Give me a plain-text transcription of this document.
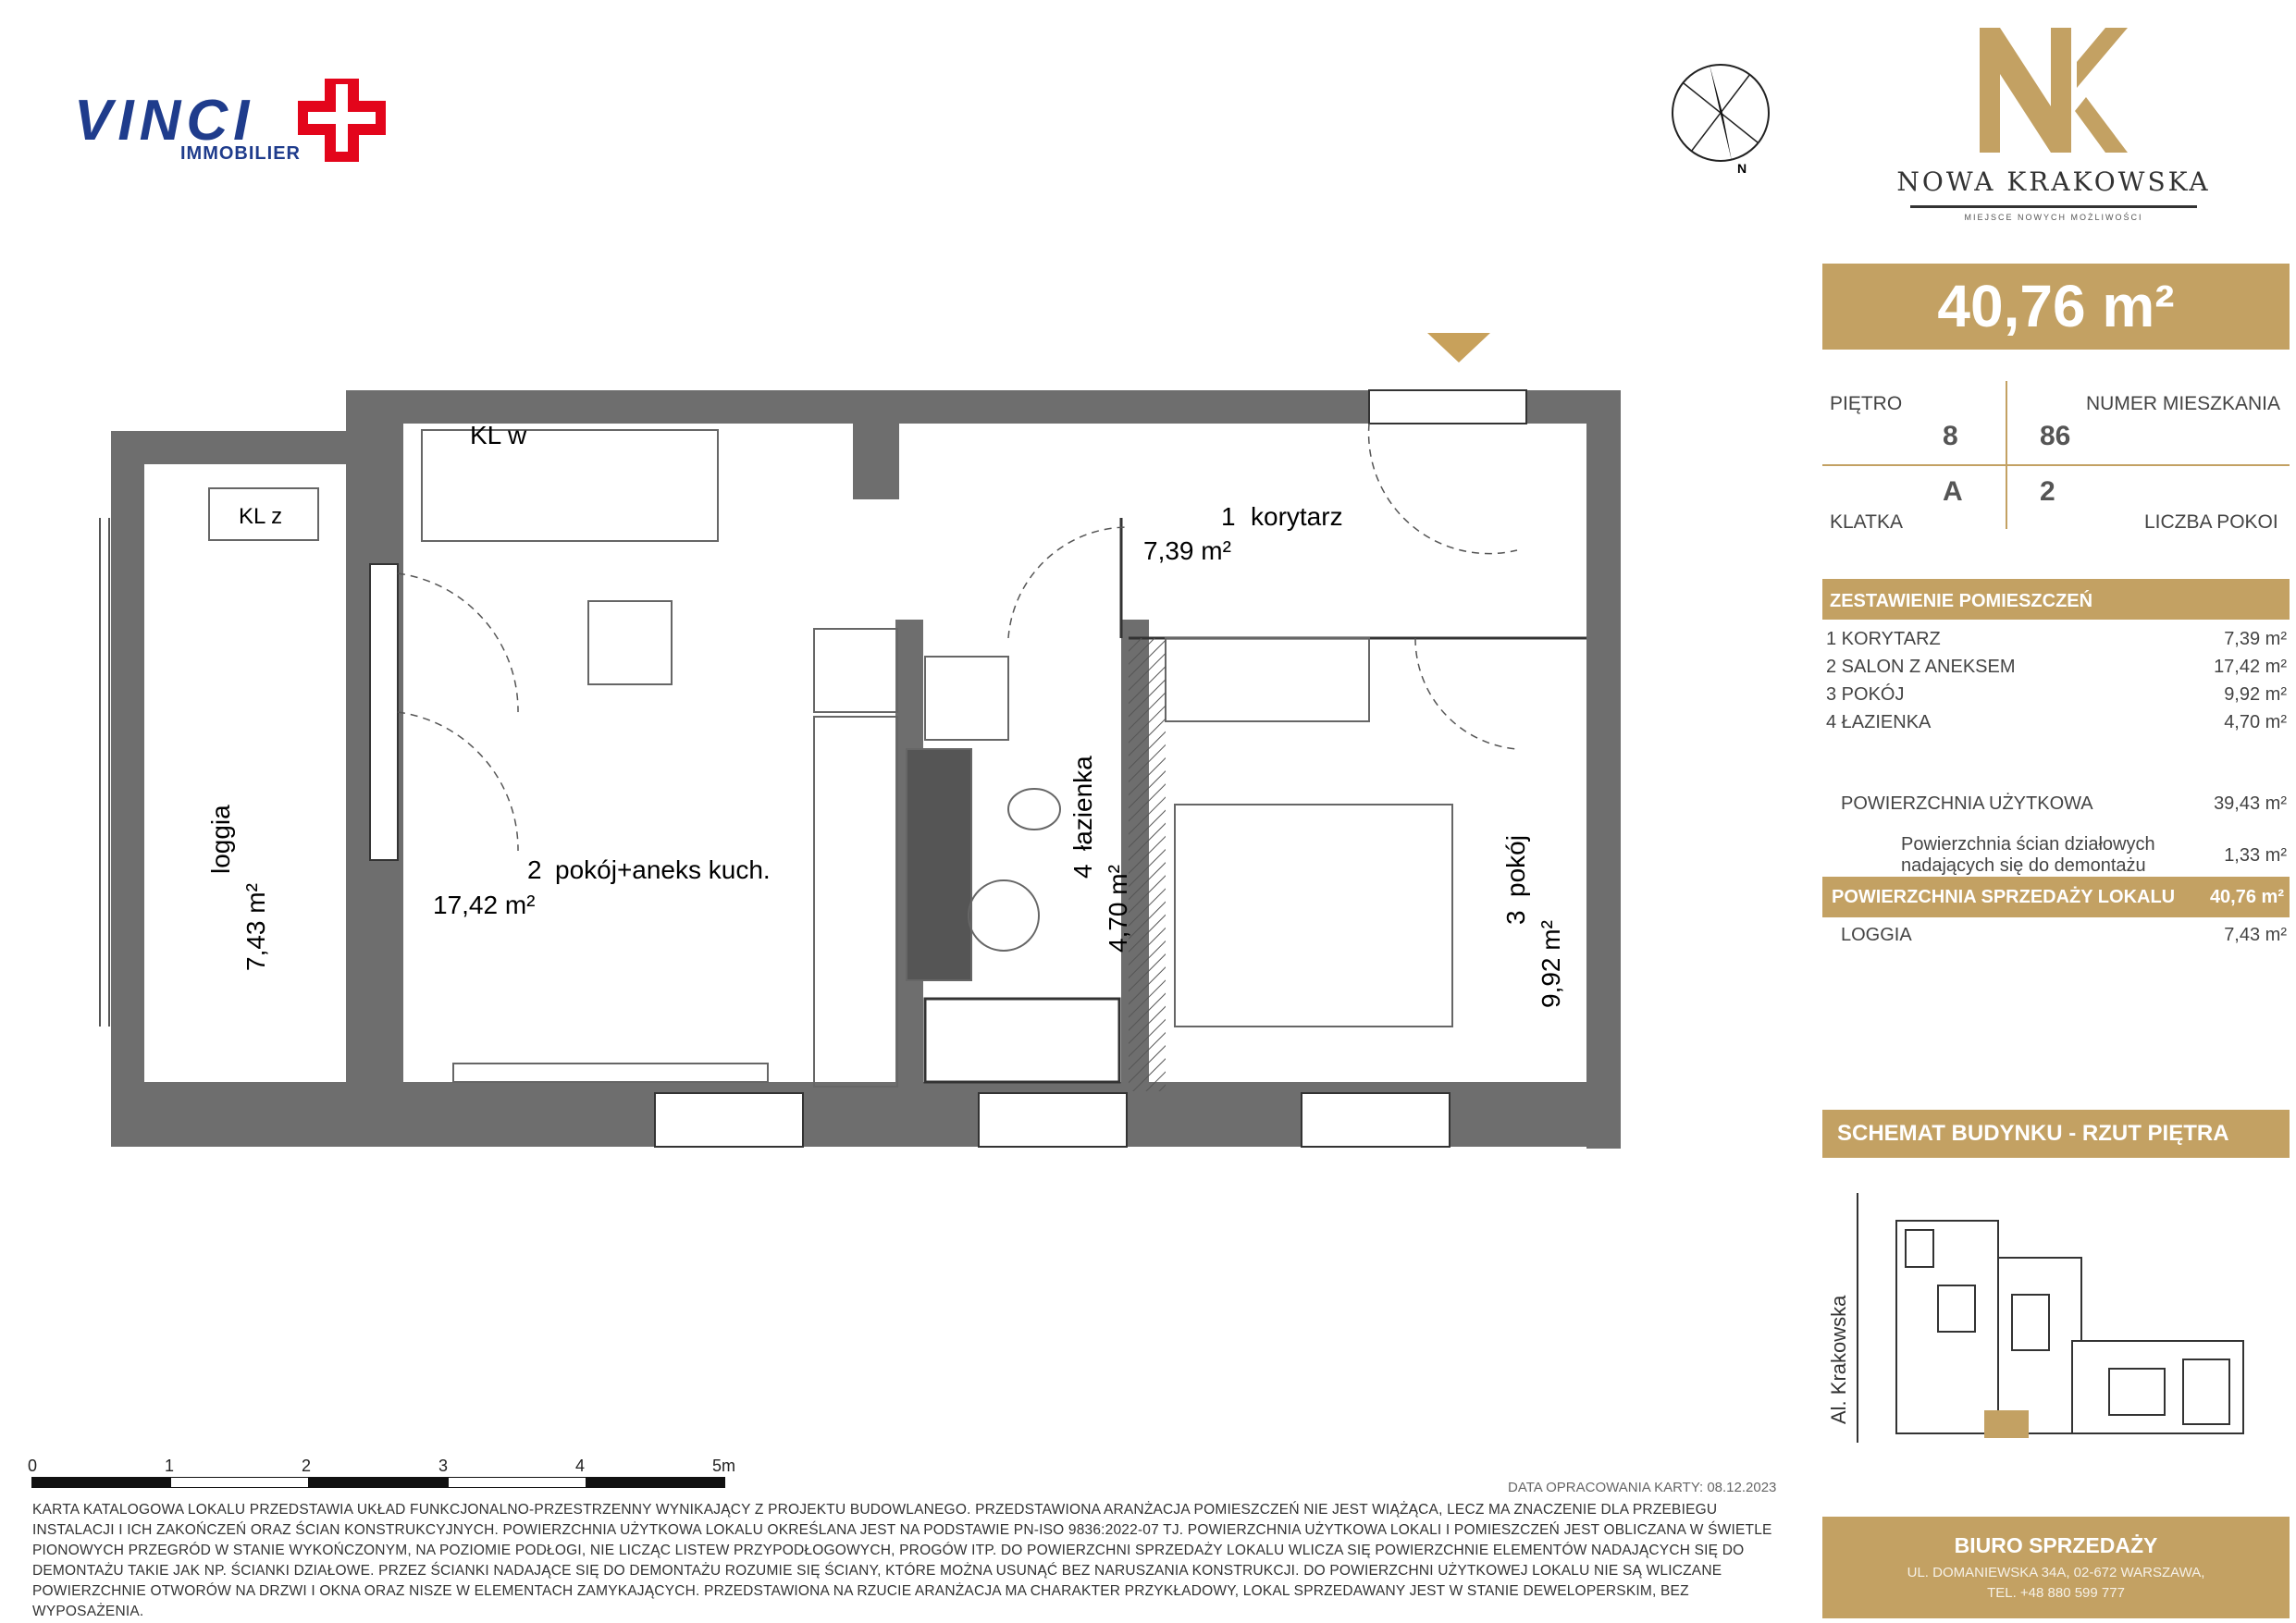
VINCI
IMMOBILIER
N	NOWA KRAKOWSKA
MIEJSCE NOWYCH MOŻLIWOŚCI
KL w
KL z	1 korytarz
7,39 m²
2 pokój+aneks kuch.
17,42 m²
4
łazienka
4,70 m²	3
pokój
9,92 m²
loggia
7,43 m²
40,76 m²
PIĘTRO	NUMER MIESZKANIA
8	86
A	2
KLATKA	LICZBA POKOI
ZESTAWIENIE POMIESZCZEŃ
1 KORYTARZ	7,39 m²
2 SALON Z ANEKSEM	17,42 m²
3 POKÓJ	9,92 m²
4 ŁAZIENKA	4,70 m²
POWIERZCHNIA UŻYTKOWA	39,43 m²
Powierzchnia ścian działowych
nadających się do demontażu	1,33 m²
POWIERZCHNIA SPRZEDAŻY LOKALU 40,76 m²
LOGGIA	7,43 m²
SCHEMAT BUDYNKU - RZUT PIĘTRA
Al. Krakowska
BIURO SPRZEDAŻY
UL. DOMANIEWSKA 34A, 02-672 WARSZAWA,
TEL. +48 880 599 777
0	1	2	3	4	5m
DATA OPRACOWANIA KARTY: 08.12.2023
KARTA KATALOGOWA LOKALU PRZEDSTAWIA UKŁAD FUNKCJONALNO-PRZESTRZENNY WYNIKAJĄCY Z PROJEKTU BUDOWLANEGO. PRZEDSTAWIONA ARANŻACJA POMIESZCZEŃ NIE JEST WIĄŻĄCA, LECZ MA ZNACZENIE DLA PRZEBIEGU INSTALACJI I ICH ZAKOŃCZEŃ ORAZ ŚCIAN KONSTRUKCYJNYCH. POWIERZCHNIA UŻYTKOWA LOKALU OKREŚLANA JEST NA PODSTAWIE PN-ISO 9836:2022-07 TJ. POWIERZCHNIA UŻYTKOWA LOKALI I POMIESZCZEŃ JEST OBLICZANA W ŚWIETLE PIONOWYCH PRZEGRÓD W STANIE WYKOŃCZONYM, NA POZIOMIE PODŁOGI, NIE LICZĄC LISTEW PRZYPODŁOGOWYCH, PROGÓW ITP. DO POWIERZCHNI SPRZEDAŻY LOKALU WLICZA SIĘ POWIERZCHNIE ELEMENTÓW NADAJĄCYCH SIĘ DO DEMONTAŻU TAKIE JAK NP. ŚCIANKI DZIAŁOWE. PRZEZ ŚCIANKI NADAJĄCE SIĘ DO DEMONTAŻU ROZUMIE SIĘ ŚCIANY, KTÓRE MOŻNA USUNĄĆ BEZ NARUSZANIA KONSTRUKCJI. DO POWIERZCHNI UŻYTKOWEJ LOKALU NIE SĄ WLICZANE POWIERZCHNIE OTWORÓW NA DRZWI I OKNA ORAZ NISZE W ELEMENTACH ZAMYKAJĄCYCH. PRZEDSTAWIONA NA RZUCIE ARANŻACJA MA CHARAKTER PRZYKŁADOWY, LOKAL SPRZEDAWANY JEST W STANIE DEWELOPERSKIM, BEZ WYPOSAŻENIA.
